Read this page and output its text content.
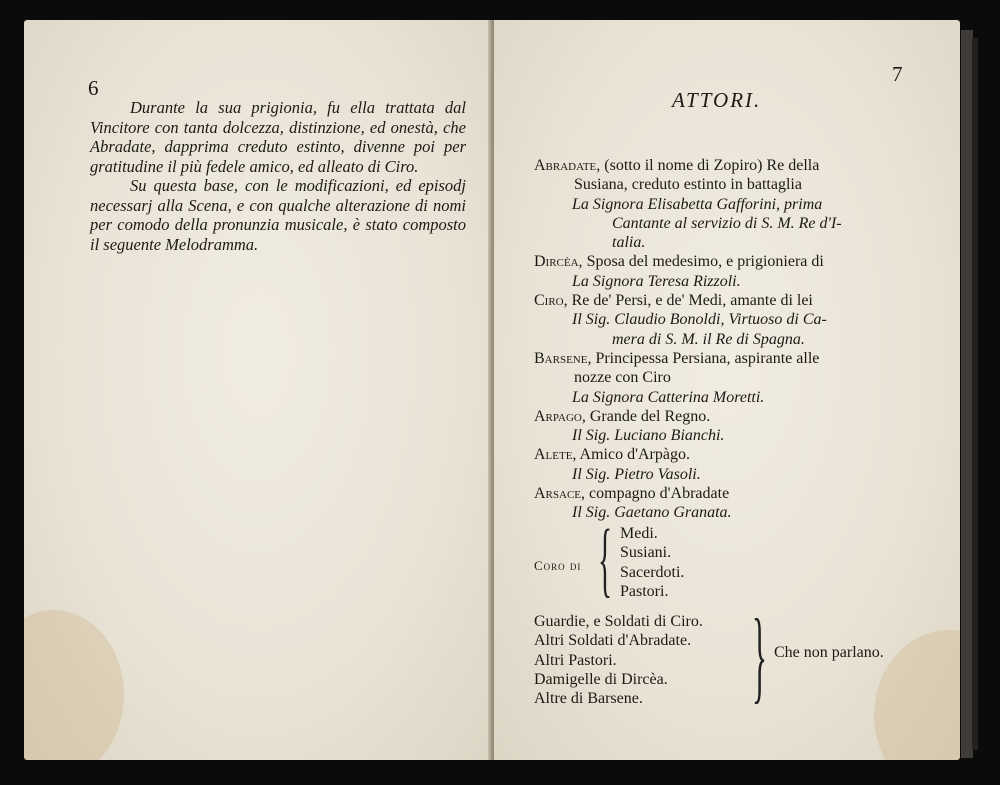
6

Durante la sua prigionia, fu ella trattata dal Vincitore con tanta dolcezza, distinzione, ed onestà, che Abradate, dapprima creduto estinto, divenne poi per gratitudine il più fedele amico, ed alleato di Ciro.

Su questa base, con le modificazioni, ed episodj necessarj alla Scena, e con qualche alterazione di nomi per comodo della pronunzia musicale, è stato composto il seguente Melodramma.

7
ATTORI.

Abradate, (sotto il nome di Zopiro) Re della

Susiana, creduto estinto in battaglia

La Signora Elisabetta Gafforini, prima

Cantante al servizio di S. M. Re d'I-

talia.

Dircèa, Sposa del medesimo, e prigioniera di

La Signora Teresa Rizzoli.

Ciro, Re de' Persi, e de' Medi, amante di lei

Il Sig. Claudio Bonoldi, Virtuoso di Ca-

mera di S. M. il Re di Spagna.

Barsene, Principessa Persiana, aspirante alle

nozze con Ciro

La Signora Catterina Moretti.

Arpago, Grande del Regno.

Il Sig. Luciano Bianchi.

Alete, Amico d'Arpàgo.

Il Sig. Pietro Vasoli.

Arsace, compagno d'Abradate

Il Sig. Gaetano Granata.

Coro di { Medi.
Susiani.
Sacerdoti.
Pastori.
Guardie, e Soldati di Ciro.
Altri Soldati d'Abradate.
Altri Pastori.
Damigelle di Dircèa.
Altre di Barsene.	} Che non parlano.
